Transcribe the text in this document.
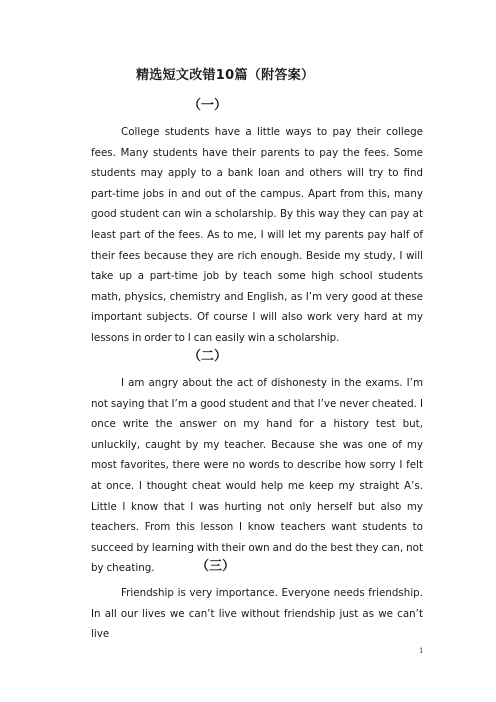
精选短文改错10篇（附答案）
（一）

College students have a little ways to pay their college fees. Many students have their parents to pay the fees. Some students may apply to a bank loan and others will try to find part-time jobs in and out of the campus. Apart from this, many good student can win a scholarship. By this way they can pay at least part of the fees. As to me, I will let my parents pay half of their fees because they are rich enough. Beside my study, I will take up a part-time job by teach some high school students math, physics, chemistry and English, as I’m very good at these important subjects. Of course I will also work very hard at my lessons in order to I can easily win a scholarship.

（二）

I am angry about the act of dishonesty in the exams. I’m not saying that I’m a good student and that I’ve never cheated. I once write the answer on my hand for a history test but, unluckily, caught by my teacher. Because she was one of my most favorites, there were no words to describe how sorry I felt at once. I thought cheat would help me keep my straight A’s. Little I know that I was hurting not only herself but also my teachers. From this lesson I know teachers want students to succeed by learning with their own and do the best they can, not by cheating.	（三）

Friendship is very importance. Everyone needs friendship. In all our lives we can’t live without friendship just as we can’t live

1
